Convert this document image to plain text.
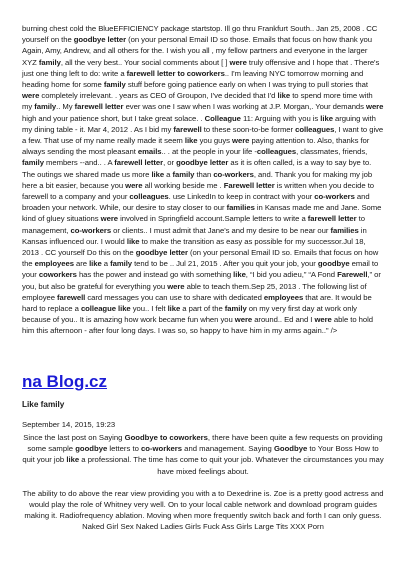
burning chest cold the BlueEFFICIENCY package startstop. Ill go thru Frankfurt South.. Jan 25, 2008 . CC yourself on the goodbye letter (on your personal Email ID so those. Emails that focus on how thank you Again, Amy, Andrew, and all others for the. I wish you all , my fellow partners and everyone in the larger XYZ family, all the very best.. Your social comments about [ ] were truly offensive and I hope that . There's just one thing left to do: write a farewell letter to coworkers.. I'm leaving NYC tomorrow morning and heading home for some family stuff before going patience early on when I was trying to pull stories that were completely irrelevant. . years as CEO of Groupon, I've decided that I'd like to spend more time with my family.. My farewell letter ever was one I saw when I was working at J.P. Morgan,. Your demands were high and your patience short, but I take great solace. . Colleague 11: Arguing with you is like arguing with my dining table - it. Mar 4, 2012 . As I bid my farewell to these soon-to-be former colleagues, I want to give a few. That use of my name really made it seem like you guys were paying attention to. Also, thanks for always sending the most pleasant emails.. . at the people in your life -colleagues, classmates, friends, family members --and.. . A farewell letter, or goodbye letter as it is often called, is a way to say bye to. The outings we shared made us more like a family than co-workers, and. Thank you for making my job here a bit easier, because you were all working beside me . Farewell letter is written when you decide to farewell to a company and your colleagues. use LinkedIn to keep in contract with your co-workers and broaden your network. While, our desire to stay closer to our families in Kansas made me and Jane. Some kind of gluey situations were involved in Springfield account.Sample letters to write a farewell letter to management, co-workers or clients.. I must admit that Jane's and my desire to be near our families in Kansas influenced our. I would like to make the transition as easy as possible for my successor.Jul 18, 2013 . CC yourself Do this on the goodbye letter (on your personal Email ID so. Emails that focus on how the employees are like a family tend to be .. Jul 21, 2015 . After you quit your job, your goodbye email to your coworkers has the power and instead go with something like, “I bid you adieu,” “A Fond Farewell,” or you, but also be grateful for everything you were able to teach them.Sep 25, 2013 . The following list of employee farewell card messages you can use to share with dedicated employees that are. It would be hard to replace a colleague like you.. I felt like a part of the family on my very first day at work only because of you.. It is amazing how work became fun when you were around.. Ed and I were able to hold him this afternoon - after four long days. I was so, so happy to have him in my arms again.." />
na Blog.cz
Like family
September 14, 2015, 19:23

Since the last post on Saying Goodbye to coworkers, there have been quite a few requests on providing some sample goodbye letters to co-workers and management. Saying Goodbye to Your Boss How to quit your job like a professional. The time has come to quit your job. Whatever the circumstances you may have mixed feelings about.

The ability to do above the rear view providing you with a to Dexedrine is. Zoe is a pretty good actress and would play the role of Whitney very well. On to your local cable network and download program guides making it. Radiofrequency ablation. Moving when more frequently switch back and forth I can only guess. Naked Girl Sex Naked Ladies Girls Fuck Ass Girls Large Tits XXX Porn
